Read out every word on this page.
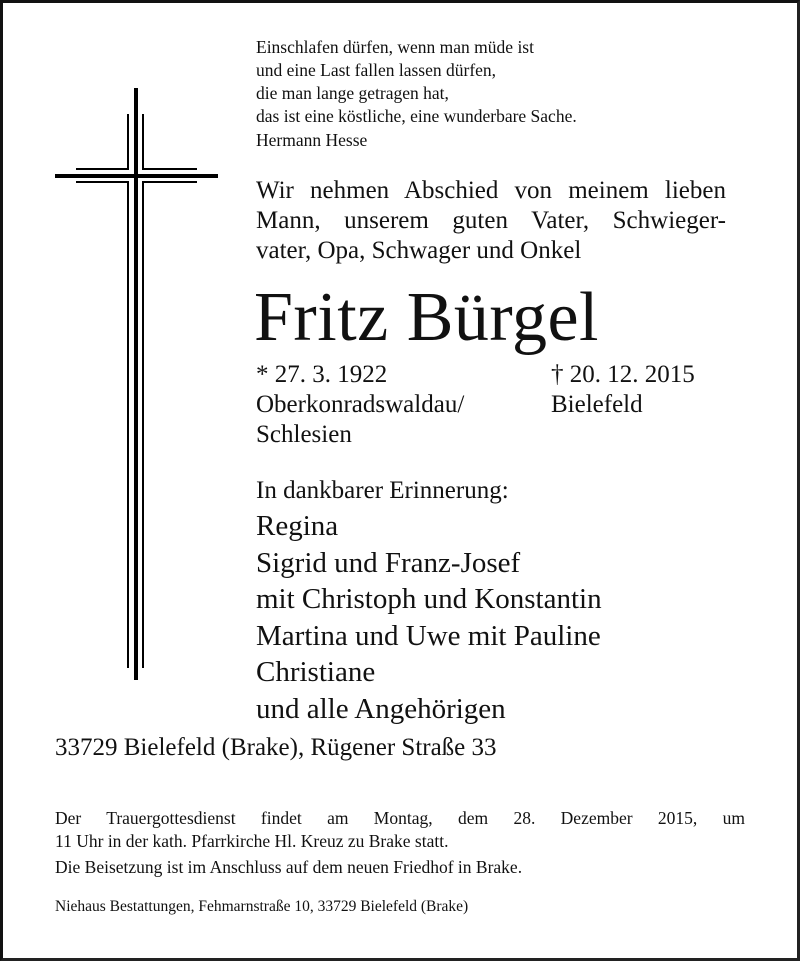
Einschlafen dürfen, wenn man müde ist
und eine Last fallen lassen dürfen,
die man lange getragen hat,
das ist eine köstliche, eine wunderbare Sache.
Hermann Hesse
Wir nehmen Abschied von meinem lieben
Mann, unserem guten Vater, Schwieger-
vater, Opa, Schwager und Onkel
Fritz Bürgel
* 27. 3. 1922
Oberkonradswaldau/
Schlesien
† 20. 12. 2015
Bielefeld
In dankbarer Erinnerung:
Regina
Sigrid und Franz-Josef
mit Christoph und Konstantin
Martina und Uwe mit Pauline
Christiane
und alle Angehörigen
33729 Bielefeld (Brake), Rügener Straße 33
Der Trauergottesdienst findet am Montag, dem 28. Dezember 2015, um
11 Uhr in der kath. Pfarrkirche Hl. Kreuz zu Brake statt.
Die Beisetzung ist im Anschluss auf dem neuen Friedhof in Brake.
Niehaus Bestattungen, Fehmarnstraße 10, 33729 Bielefeld (Brake)
